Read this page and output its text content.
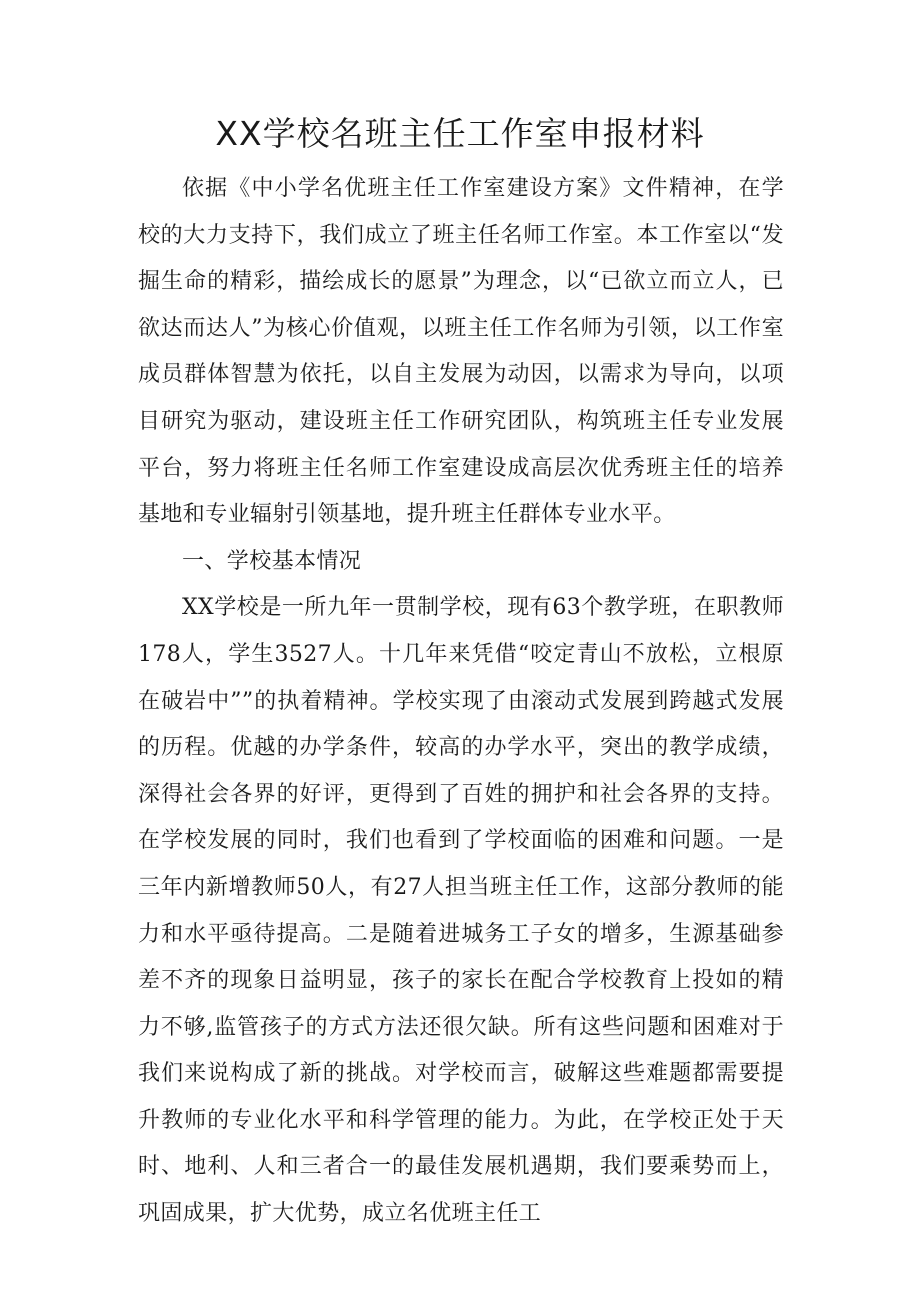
XX学校名班主任工作室申报材料

依据《中小学名优班主任工作室建设方案》文件精神，在学校的大力支持下，我们成立了班主任名师工作室。本工作室以“发掘生命的精彩，描绘成长的愿景”为理念，以“已欲立而立人，已欲达而达人”为核心价值观，以班主任工作名师为引领，以工作室成员群体智慧为依托，以自主发展为动因，以需求为导向，以项目研究为驱动，建设班主任工作研究团队，构筑班主任专业发展平台，努力将班主任名师工作室建设成高层次优秀班主任的培养基地和专业辐射引领基地，提升班主任群体专业水平。

一、学校基本情况

XX学校是一所九年一贯制学校，现有63个教学班，在职教师178人，学生3527人。十几年来凭借“咬定青山不放松，立根原在破岩中””的执着精神。学校实现了由滚动式发展到跨越式发展的历程。优越的办学条件，较高的办学水平，突出的教学成绩，深得社会各界的好评，更得到了百姓的拥护和社会各界的支持。在学校发展的同时，我们也看到了学校面临的困难和问题。一是三年内新增教师50人，有27人担当班主任工作，这部分教师的能力和水平亟待提高。二是随着进城务工子女的增多，生源基础参差不齐的现象日益明显，孩子的家长在配合学校教育上投如的精力不够,监管孩子的方式方法还很欠缺。所有这些问题和困难对于我们来说构成了新的挑战。对学校而言，破解这些难题都需要提升教师的专业化水平和科学管理的能力。为此，在学校正处于天时、地利、人和三者合一的最佳发展机遇期，我们要乘势而上，巩固成果，扩大优势，成立名优班主任工
